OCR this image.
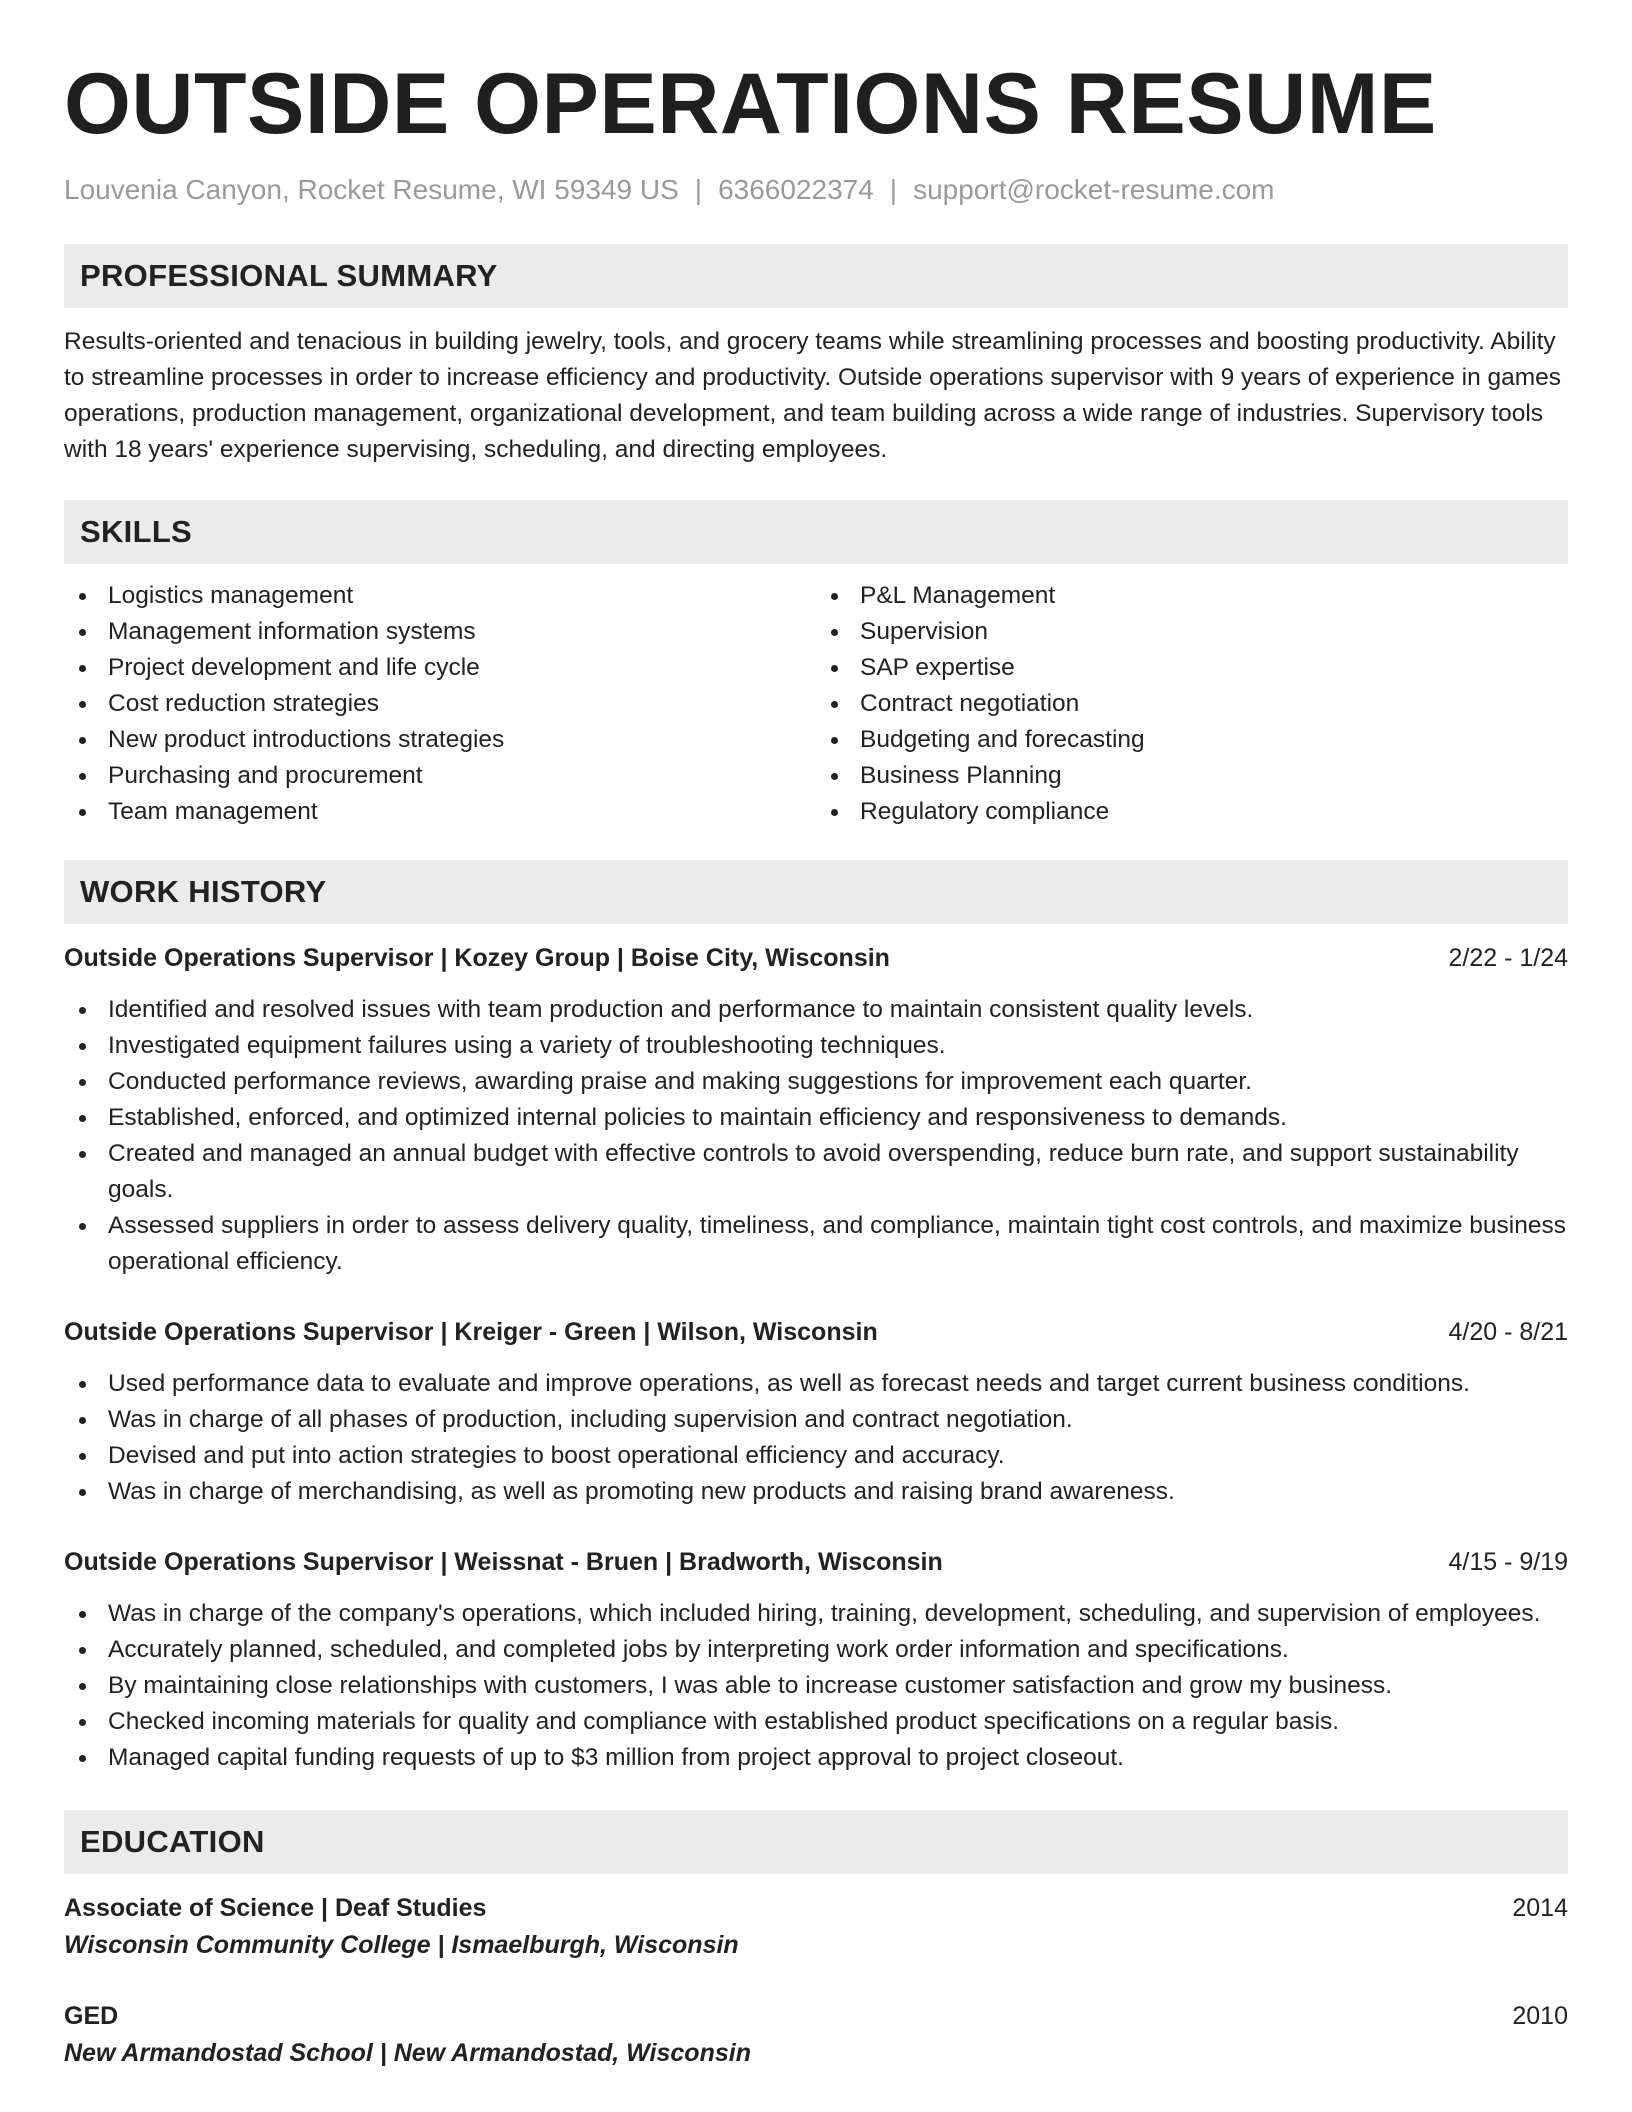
OUTSIDE OPERATIONS RESUME
Louvenia Canyon, Rocket Resume, WI 59349 US | 6366022374 | support@rocket-resume.com
PROFESSIONAL SUMMARY
Results-oriented and tenacious in building jewelry, tools, and grocery teams while streamlining processes and boosting productivity. Ability to streamline processes in order to increase efficiency and productivity. Outside operations supervisor with 9 years of experience in games operations, production management, organizational development, and team building across a wide range of industries. Supervisory tools with 18 years' experience supervising, scheduling, and directing employees.
SKILLS
Logistics management
Management information systems
Project development and life cycle
Cost reduction strategies
New product introductions strategies
Purchasing and procurement
Team management
P&L Management
Supervision
SAP expertise
Contract negotiation
Budgeting and forecasting
Business Planning
Regulatory compliance
WORK HISTORY
Outside Operations Supervisor | Kozey Group | Boise City, Wisconsin	2/22 - 1/24
Identified and resolved issues with team production and performance to maintain consistent quality levels.
Investigated equipment failures using a variety of troubleshooting techniques.
Conducted performance reviews, awarding praise and making suggestions for improvement each quarter.
Established, enforced, and optimized internal policies to maintain efficiency and responsiveness to demands.
Created and managed an annual budget with effective controls to avoid overspending, reduce burn rate, and support sustainability goals.
Assessed suppliers in order to assess delivery quality, timeliness, and compliance, maintain tight cost controls, and maximize business operational efficiency.
Outside Operations Supervisor | Kreiger - Green | Wilson, Wisconsin	4/20 - 8/21
Used performance data to evaluate and improve operations, as well as forecast needs and target current business conditions.
Was in charge of all phases of production, including supervision and contract negotiation.
Devised and put into action strategies to boost operational efficiency and accuracy.
Was in charge of merchandising, as well as promoting new products and raising brand awareness.
Outside Operations Supervisor | Weissnat - Bruen | Bradworth, Wisconsin	4/15 - 9/19
Was in charge of the company's operations, which included hiring, training, development, scheduling, and supervision of employees.
Accurately planned, scheduled, and completed jobs by interpreting work order information and specifications.
By maintaining close relationships with customers, I was able to increase customer satisfaction and grow my business.
Checked incoming materials for quality and compliance with established product specifications on a regular basis.
Managed capital funding requests of up to $3 million from project approval to project closeout.
EDUCATION
Associate of Science | Deaf Studies	2014
Wisconsin Community College | Ismaelburgh, Wisconsin
GED	2010
New Armandostad School | New Armandostad, Wisconsin
